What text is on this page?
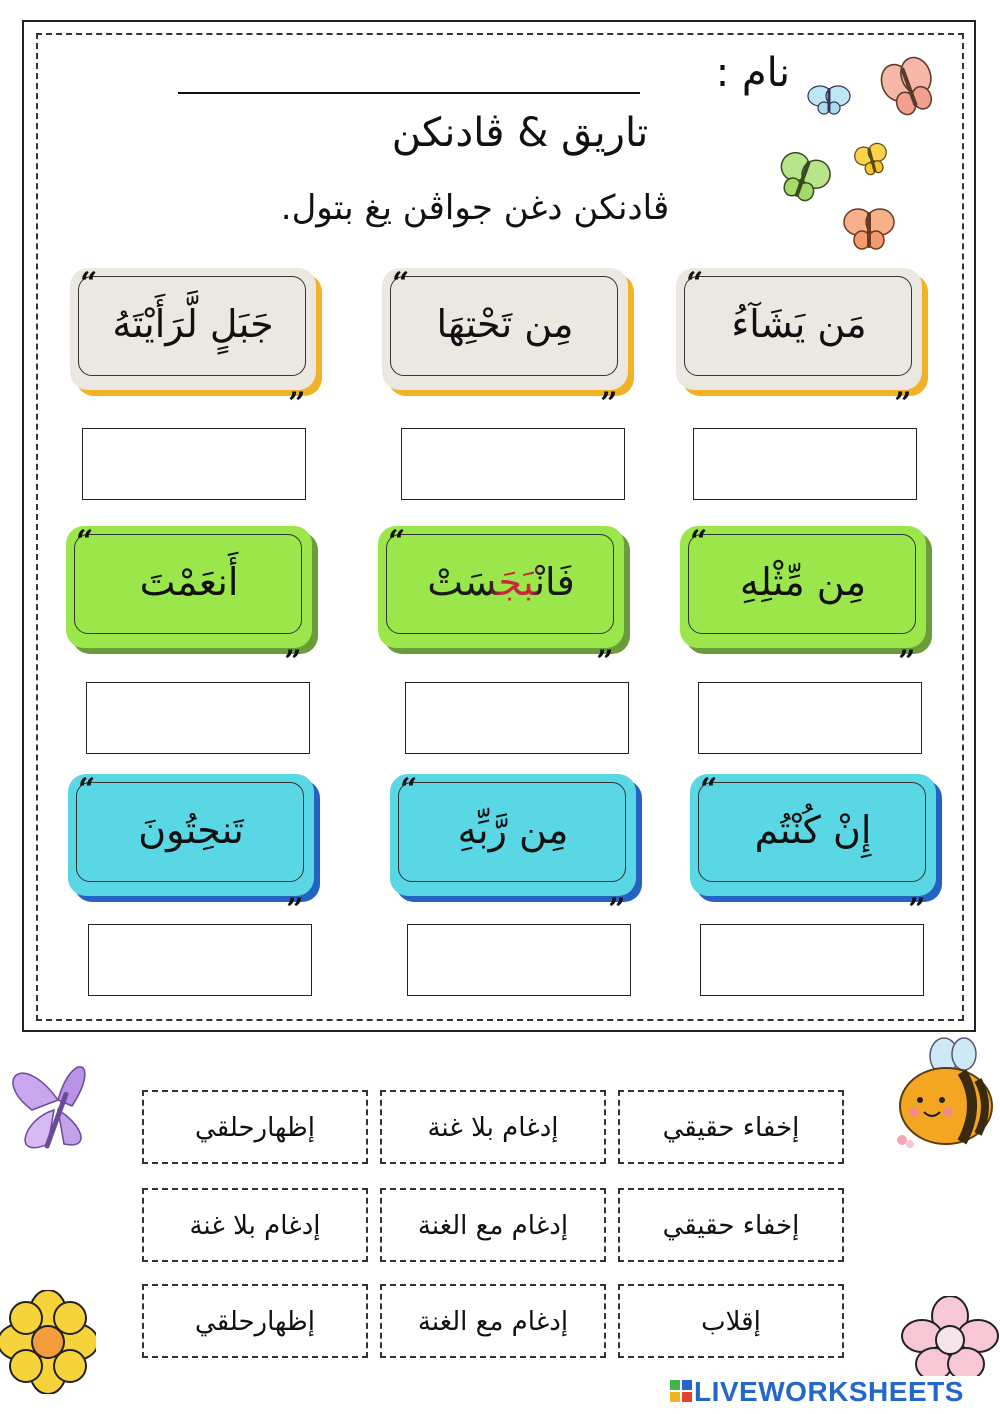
نام :
تاريق & ڤادنكن
ڤادنكن دغن جواڤن يغ بتول.
“
„
مَن يَشَآءُ
“
„
مِن تَحْتِهَا
“
„
جَبَلٍ لَّرَأَيْتَهُ
“
„
مِن مِّثْلِهِ
“
„
فَانْبَجَسَتْ
“
„
أَنعَمْتَ
“
„
إِنْ كُنْتُم
“
„
مِن رَّبِّهِ
“
„
تَنحِتُونَ
إخفاء حقيقي
إدغام بلا غنة
إظهارحلقي
إخفاء حقيقي
إدغام مع الغنة
إدغام بلا غنة
إقلاب
إدغام مع الغنة
إظهارحلقي
LIVEWORKSHEETS
